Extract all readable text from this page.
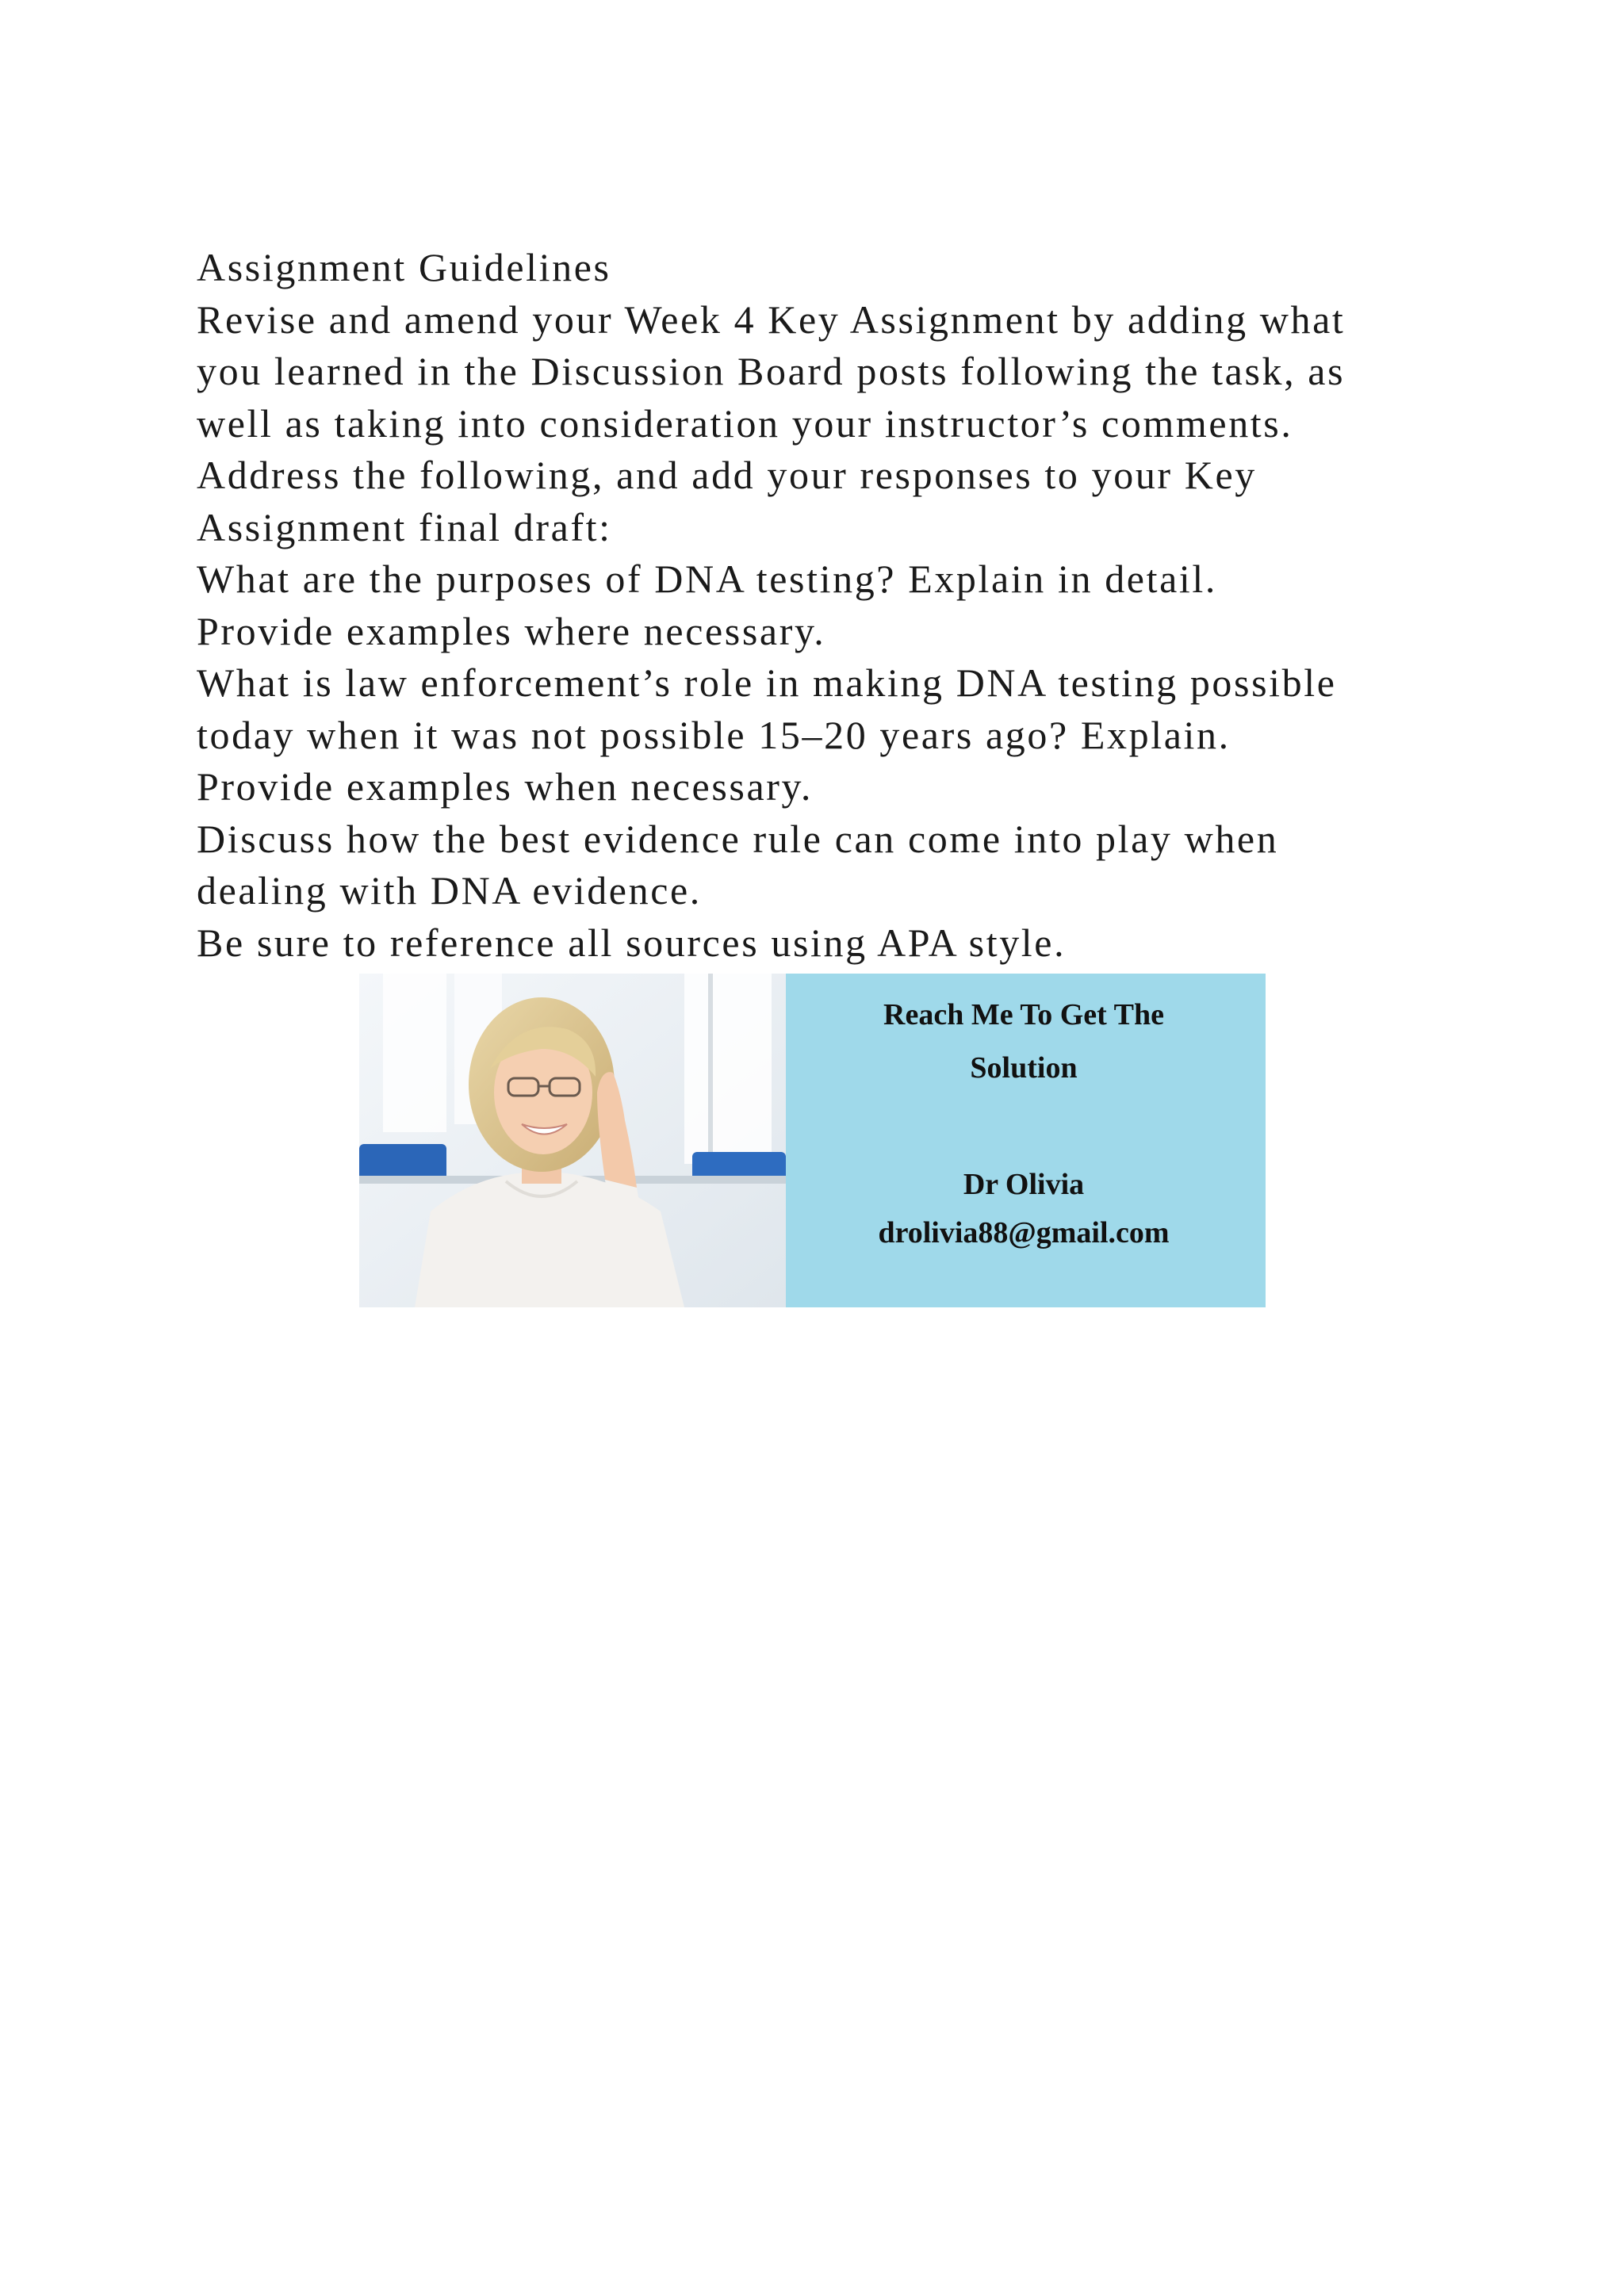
Assignment Guidelines
Revise and amend your Week 4 Key Assignment by adding what
you learned in the Discussion Board posts following the task, as
well as taking into consideration your instructor’s comments.
Address the following, and add your responses to your Key
Assignment final draft:
What are the purposes of DNA testing? Explain in detail.
Provide examples where necessary.
What is law enforcement’s role in making DNA testing possible
today when it was not possible 15–20 years ago? Explain.
Provide examples when necessary.
Discuss how the best evidence rule can come into play when
dealing with DNA evidence.
Be sure to reference all sources using APA style.
Reach Me To Get The
Solution
Dr Olivia
drolivia88@gmail.com
